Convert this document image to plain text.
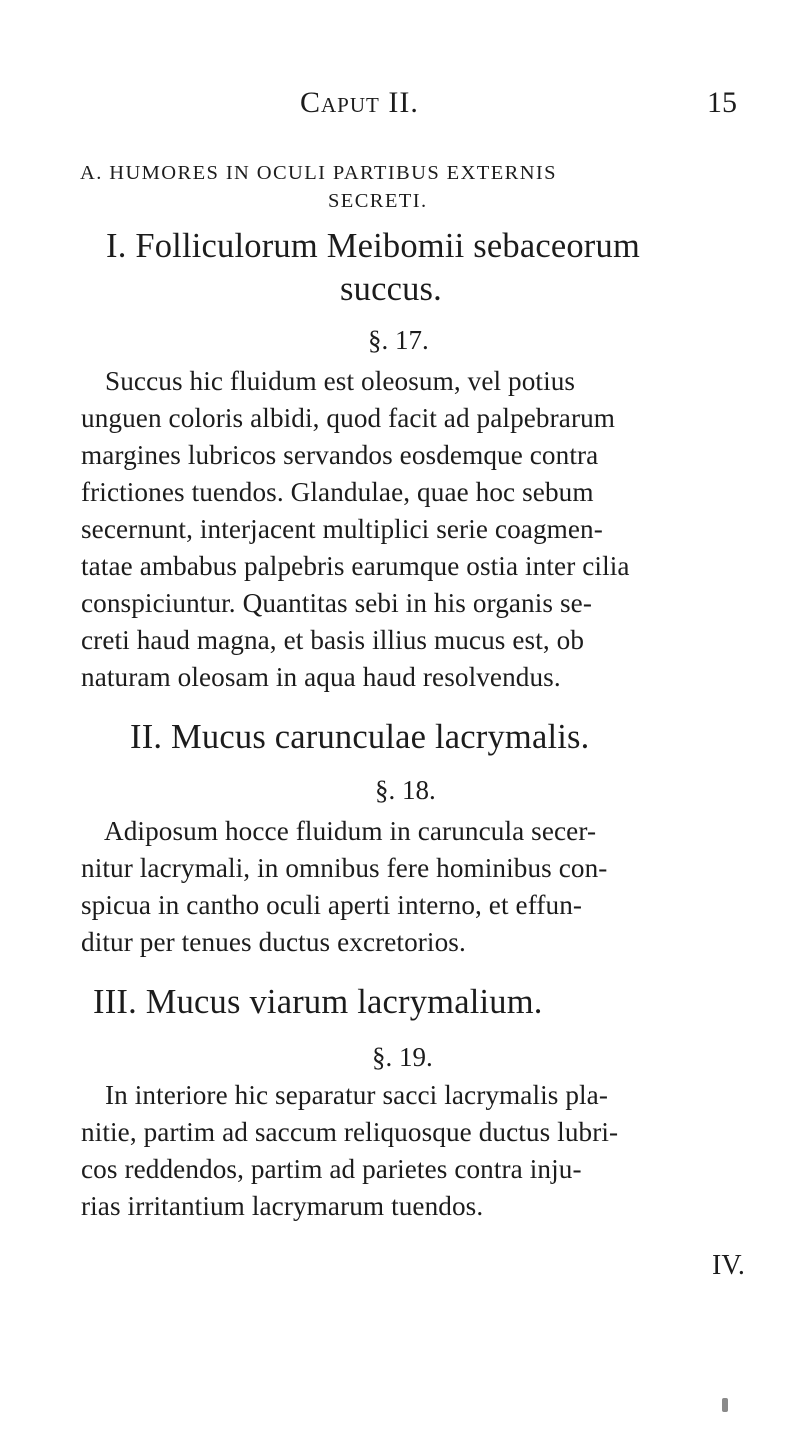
Caput II.	15
A. HUMORES IN OCULI PARTIBUS EXTERNIS
SECRETI.
I. Folliculorum Meibomii sebaceorum
succus.
§. 17.
Succus hic fluidum est oleosum, vel potius
unguen coloris albidi, quod facit ad palpebrarum
margines lubricos servandos eosdemque contra
frictiones tuendos. Glandulae, quae hoc sebum
secernunt, interjacent multiplici serie coagmen-
tatae ambabus palpebris earumque ostia inter cilia
conspiciuntur. Quantitas sebi in his organis se-
creti haud magna, et basis illius mucus est, ob
naturam oleosam in aqua haud resolvendus.
II. Mucus carunculae lacrymalis.
§. 18.
Adiposum hocce fluidum in caruncula secer-
nitur lacrymali, in omnibus fere hominibus con-
spicua in cantho oculi aperti interno, et effun-
ditur per tenues ductus excretorios.
III. Mucus viarum lacrymalium.
§. 19.
In interiore hic separatur sacci lacrymalis pla-
nitie, partim ad saccum reliquosque ductus lubri-
cos reddendos, partim ad parietes contra inju-
rias irritantium lacrymarum tuendos.
IV.
